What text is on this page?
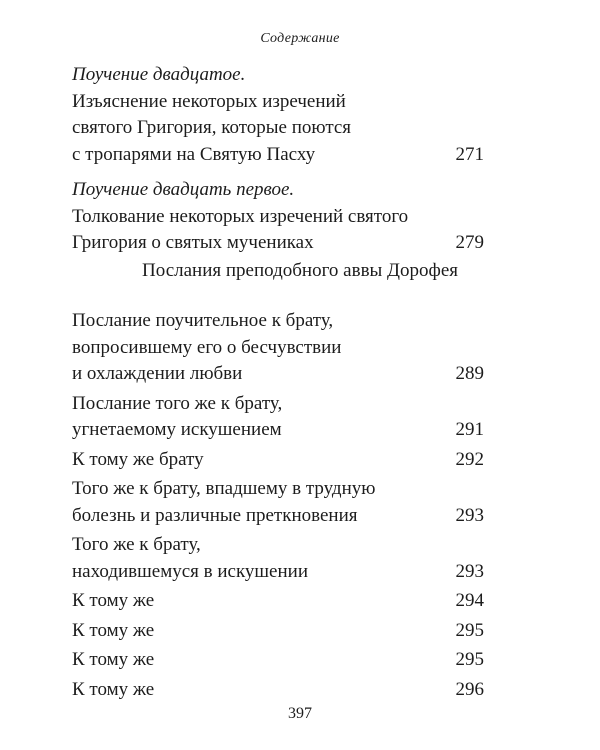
Содержание
Поучение двадцатое.
Изъяснение некоторых изречений
святого Григория, которые поются
с тропарями на Святую Пасху	271
Поучение двадцать первое.
Толкование некоторых изречений святого
Григория о святых мучениках	279
Послания преподобного аввы Дорофея
Послание поучительное к брату,
вопросившему его о бесчувствии
и охлаждении любви	289
Послание того же к брату,
угнетаемому искушением	291
К тому же брату	292
Того же к брату, впадшему в трудную
болезнь и различные преткновения	293
Того же к брату,
находившемуся в искушении	293
К тому же	294
К тому же	295
К тому же	295
К тому же	296
397
